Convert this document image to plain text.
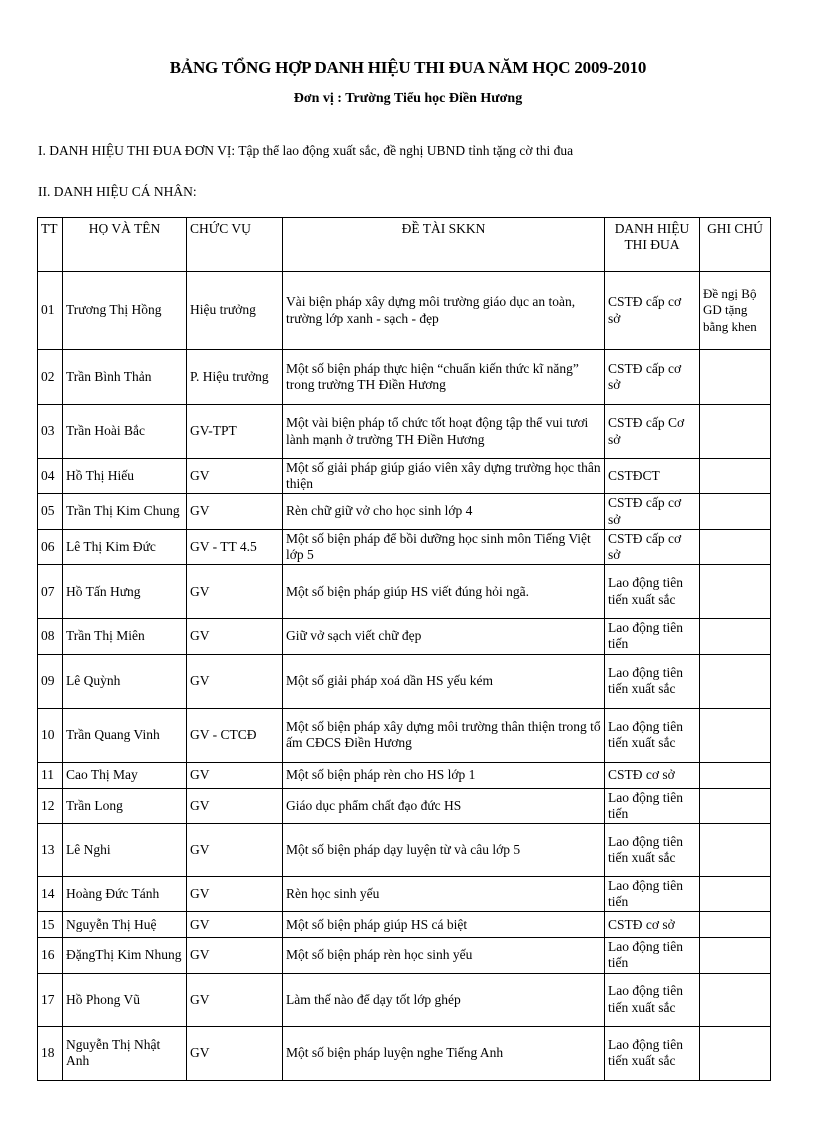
BẢNG TỔNG HỢP DANH HIỆU THI ĐUA NĂM HỌC 2009-2010
Đơn vị : Trường Tiểu học Điền Hương
I. DANH HIỆU THI ĐUA ĐƠN VỊ: Tập thể lao động xuất sắc, đề nghị UBND tỉnh tặng cờ thi đua
II. DANH HIỆU CÁ NHÂN:
TT	HỌ VÀ TÊN	CHỨC VỤ	ĐỀ TÀI SKKN	DANH HIỆU THI ĐUA	GHI CHÚ
01	Trương Thị Hồng	Hiệu trưởng	Vài biện pháp xây dựng môi trường giáo dục an toàn, trường lớp xanh - sạch - đẹp	CSTĐ cấp cơ sở	Đề ngị Bộ GD tặng bằng khen
02	Trần Bình Thản	P. Hiệu trưởng	Một số biện pháp thực hiện “chuẩn kiến thức kĩ năng” trong trường TH Điền Hương	CSTĐ cấp cơ sở	
03	Trần Hoài Bắc	GV-TPT	Một vài biện pháp tổ chức tốt hoạt động tập thể vui tươi lành mạnh ở trường TH Điền Hương	CSTĐ cấp Cơ sở	
04	Hồ Thị Hiếu	GV	Một số giải pháp giúp giáo viên xây dựng trường học thân thiện	CSTĐCT	
05	Trần Thị Kim Chung	GV	Rèn chữ giữ vở cho học sinh lớp 4	CSTĐ cấp cơ sở	
06	Lê Thị Kim Đức	GV - TT 4.5	Một số biện pháp để bồi dưỡng học sinh môn Tiếng Việt lớp 5	CSTĐ cấp cơ sở	
07	Hồ Tấn Hưng	GV	Một số biện pháp giúp HS viết đúng hỏi ngã.	Lao động tiên tiến xuất sắc	
08	Trần Thị Miên	GV	Giữ vở sạch viết chữ đẹp	Lao động tiên tiến	
09	Lê Quỳnh	GV	Một số giải pháp xoá dần HS yếu kém	Lao động tiên tiến xuất sắc	
10	Trần Quang Vinh	GV - CTCĐ	Một số biện pháp xây dựng môi trường thân thiện trong tổ ấm CĐCS Điền Hương	Lao động tiên tiến xuất sắc	
11	Cao Thị May	GV	Một số biện pháp rèn cho HS lớp 1	CSTĐ cơ sở	
12	Trần Long	GV	Giáo dục phẩm chất đạo đức HS	Lao động tiên tiến	
13	Lê Nghi	GV	Một số biện pháp dạy luyện từ và câu lớp 5	Lao động tiên tiến xuất sắc	
14	Hoàng Đức Tánh	GV	Rèn học sinh yếu	Lao động tiên tiến	
15	Nguyễn Thị Huệ	GV	Một số biện pháp giúp HS cá biệt	CSTĐ cơ sở	
16	ĐặngThị Kim Nhung	GV	Một số biện pháp rèn học sinh yếu	Lao động tiên tiến	
17	Hồ Phong Vũ	GV	Làm thế nào để dạy tốt lớp ghép	Lao động tiên tiến xuất sắc	
18	Nguyễn Thị Nhật Anh	GV	Một số biện pháp luyện nghe Tiếng Anh	Lao động tiên tiến xuất sắc	
